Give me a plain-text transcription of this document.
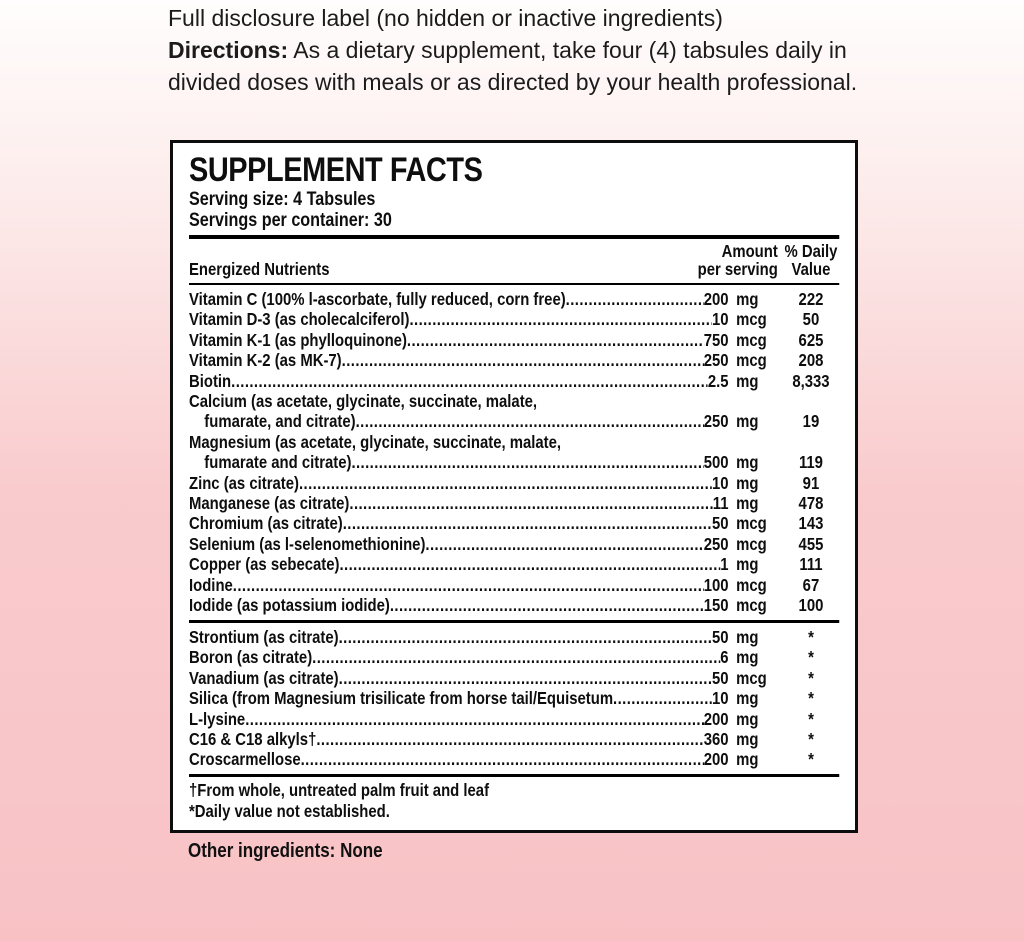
Full disclosure label (no hidden or inactive ingredients)
Directions: As a dietary supplement, take four (4) tabsules daily in divided doses with meals or as directed by your health professional.
SUPPLEMENT FACTS
Serving size: 4 Tabsules
Servings per container: 30
Energized Nutrients
Amount
per serving
% Daily
Value
Vitamin C (100% l-ascorbate, fully reduced, corn free) .....	200 mg	222
Vitamin D-3 (as cholecalciferol) .....	10 mcg	50
Vitamin K-1 (as phylloquinone) .....	750 mcg	625
Vitamin K-2 (as MK-7) .....	250 mcg	208
Biotin .....	2.5 mg	8,333
Calcium (as acetate, glycinate, succinate, malate,
fumarate, and citrate) .....	250 mg	19
Magnesium (as acetate, glycinate, succinate, malate,
fumarate and citrate) .....	500 mg	119
Zinc (as citrate) .....	10 mg	91
Manganese (as citrate) .....	11 mg	478
Chromium (as citrate) .....	50 mcg	143
Selenium (as l-selenomethionine) .....	250 mcg	455
Copper (as sebecate) .....	1 mg	111
Iodine .....	100 mcg	67
Iodide (as potassium iodide) .....	150 mcg	100
Strontium (as citrate) .....	50 mg	*
Boron (as citrate) .....	6 mg	*
Vanadium (as citrate) .....	50 mcg	*
Silica (from Magnesium trisilicate from horse tail/Equisetum .....	10 mg	*
L-lysine .....	200 mg	*
C16 & C18 alkyls† .....	360 mg	*
Croscarmellose .....	200 mg	*
†From whole, untreated palm fruit and leaf
*Daily value not established.
Other ingredients: None
